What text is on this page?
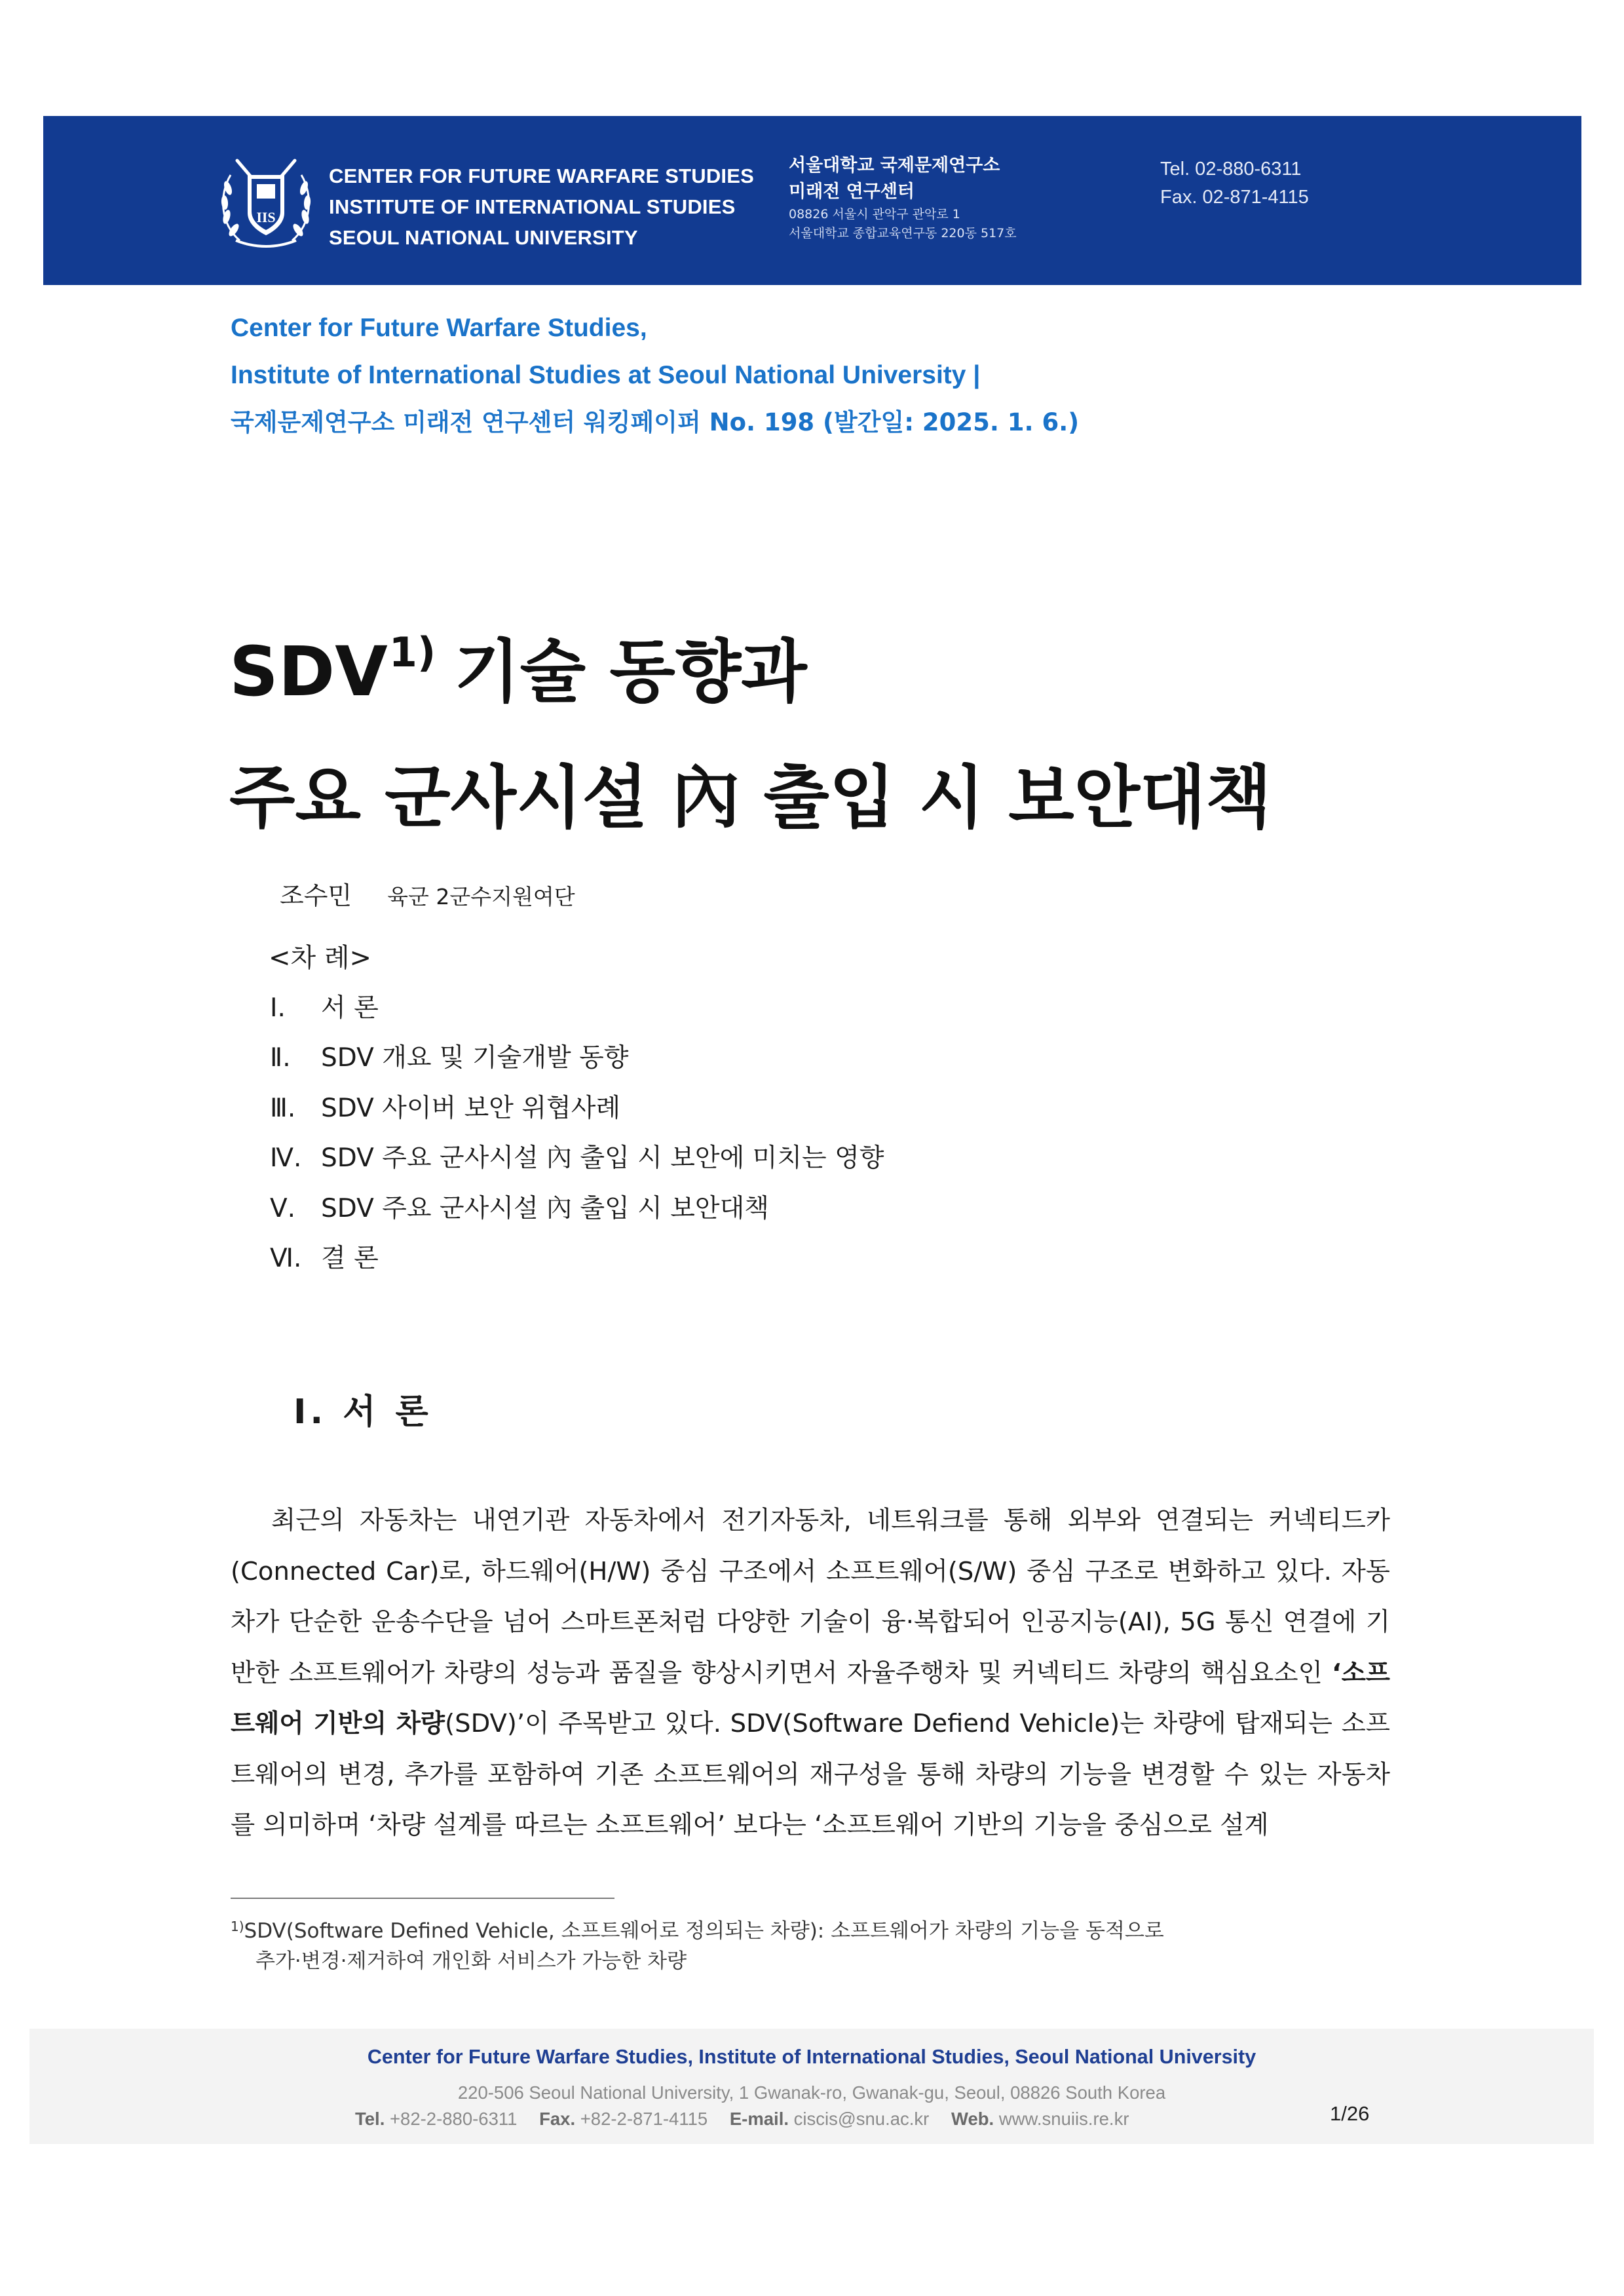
IIS
CENTER FOR FUTURE WARFARE STUDIES
INSTITUTE OF INTERNATIONAL STUDIES
SEOUL NATIONAL UNIVERSITY
서울대학교 국제문제연구소
미래전 연구센터
08826 서울시 관악구 관악로 1
서울대학교 종합교육연구동 220동 517호
Tel. 02-880-6311
Fax. 02-871-4115
Center for Future Warfare Studies,
Institute of International Studies at Seoul National University |
국제문제연구소 미래전 연구센터 워킹페이퍼 No. 198 (발간일: 2025. 1. 6.)
SDV$^{1)}$ 기술 동향과
주요 군사시설 內 출입 시 보안대책
조수민 육군 2군수지원여단
<차 례>
Ⅰ. 서 론
Ⅱ. SDV 개요 및 기술개발 동향
Ⅲ. SDV 사이버 보안 위협사례
Ⅳ. SDV 주요 군사시설 內 출입 시 보안에 미치는 영향
Ⅴ. SDV 주요 군사시설 內 출입 시 보안대책
Ⅵ. 결 론
Ⅰ. 서 론

최근의 자동차는 내연기관 자동차에서 전기자동차, 네트워크를 통해 외부와 연결되는 커넥티드카(Connected Car)로, 하드웨어(H/W) 중심 구조에서 소프트웨어(S/W) 중심 구조로 변화하고 있다. 자동차가 단순한 운송수단을 넘어 스마트폰처럼 다양한 기술이 융·복합되어 인공지능(AI), 5G 통신 연결에 기반한 소프트웨어가 차량의 성능과 품질을 향상시키면서 자율주행차 및 커넥티드 차량의 핵심요소인 ‘소프트웨어 기반의 차량(SDV)’이 주목받고 있다. SDV(Software Defiend Vehicle)는 차량에 탑재되는 소프트웨어의 변경, 추가를 포함하여 기존 소프트웨어의 재구성을 통해 차량의 기능을 변경할 수 있는 자동차를 의미하며 ‘차량 설계를 따르는 소프트웨어’ 보다는 ‘소프트웨어 기반의 기능을 중심으로 설계

$^{1)}$SDV(Software Defined Vehicle, 소프트웨어로 정의되는 차량): 소프트웨어가 차량의 기능을 동적으로
추가·변경·제거하여 개인화 서비스가 가능한 차량
Center for Future Warfare Studies, Institute of International Studies, Seoul National University
220-506 Seoul National University, 1 Gwanak-ro, Gwanak-gu, Seoul, 08826 South Korea
Tel. +82-2-880-6311 Fax. +82-2-871-4115 E-mail. ciscis@snu.ac.kr Web. www.snuiis.re.kr	1/26
